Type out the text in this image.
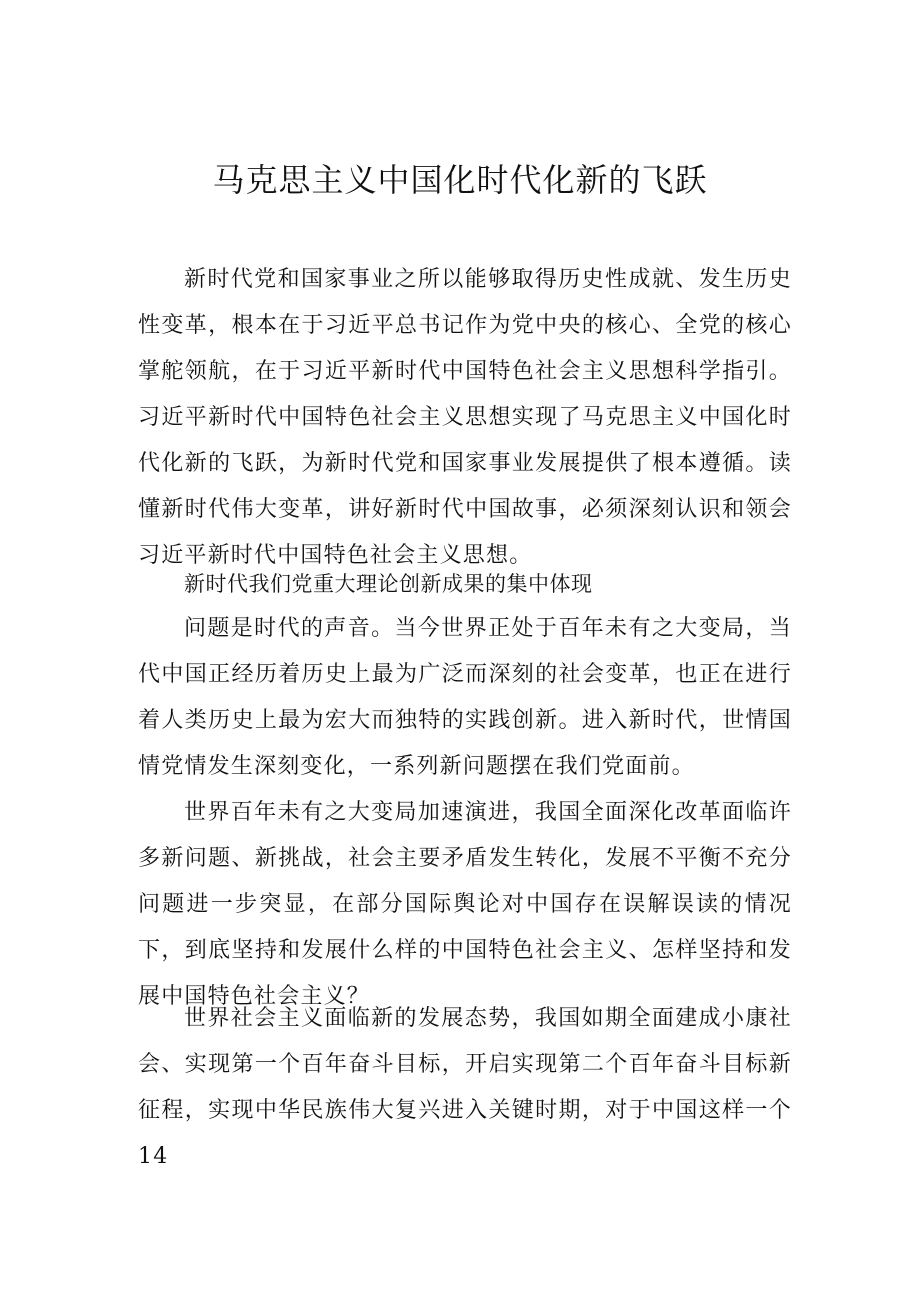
马克思主义中国化时代化新的飞跃

新时代党和国家事业之所以能够取得历史性成就、发生历史性变革，根本在于习近平总书记作为党中央的核心、全党的核心掌舵领航，在于习近平新时代中国特色社会主义思想科学指引。习近平新时代中国特色社会主义思想实现了马克思主义中国化时代化新的飞跃，为新时代党和国家事业发展提供了根本遵循。读懂新时代伟大变革，讲好新时代中国故事，必须深刻认识和领会习近平新时代中国特色社会主义思想。

新时代我们党重大理论创新成果的集中体现

问题是时代的声音。当今世界正处于百年未有之大变局，当代中国正经历着历史上最为广泛而深刻的社会变革，也正在进行着人类历史上最为宏大而独特的实践创新。进入新时代，世情国情党情发生深刻变化，一系列新问题摆在我们党面前。

世界百年未有之大变局加速演进，我国全面深化改革面临许多新问题、新挑战，社会主要矛盾发生转化，发展不平衡不充分问题进一步突显，在部分国际舆论对中国存在误解误读的情况下，到底坚持和发展什么样的中国特色社会主义、怎样坚持和发展中国特色社会主义？

世界社会主义面临新的发展态势，我国如期全面建成小康社会、实现第一个百年奋斗目标，开启实现第二个百年奋斗目标新征程，实现中华民族伟大复兴进入关键时期，对于中国这样一个14
